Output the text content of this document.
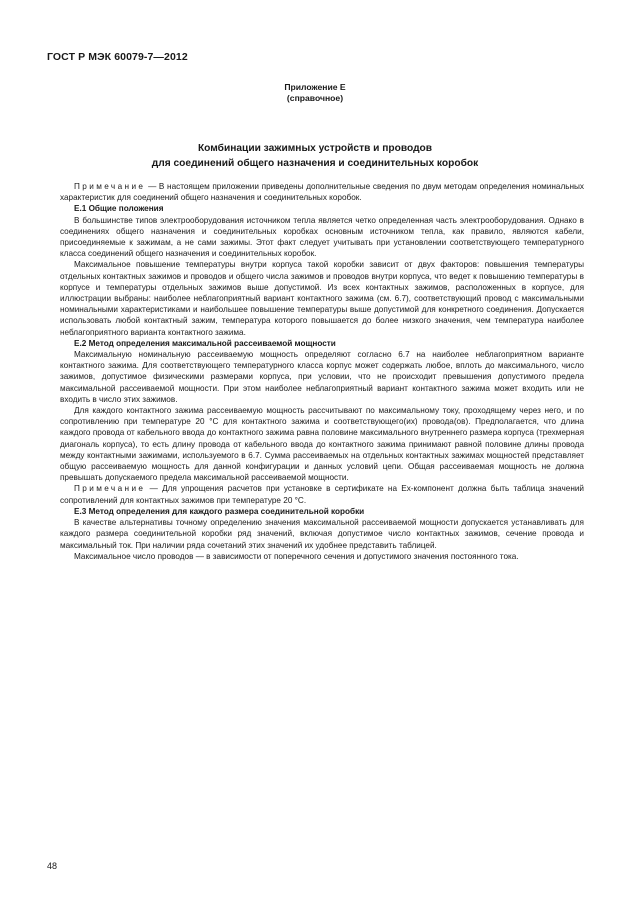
ГОСТ Р МЭК 60079-7—2012
Приложение Е
(справочное)
Комбинации зажимных устройств и проводов
для соединений общего назначения и соединительных коробок

Примечание — В настоящем приложении приведены дополнительные сведения по двум методам определения номинальных характеристик для соединений общего назначения и соединительных коробок.

Е.1 Общие положения

В большинстве типов электрооборудования источником тепла является четко определенная часть электрооборудования. Однако в соединениях общего назначения и соединительных коробках основным источником тепла, как правило, являются кабели, присоединяемые к зажимам, а не сами зажимы. Этот факт следует учитывать при установлении соответствующего температурного класса соединений общего назначения и соединительных коробок.

Максимальное повышение температуры внутри корпуса такой коробки зависит от двух факторов: повышения температуры отдельных контактных зажимов и проводов и общего числа зажимов и проводов внутри корпуса, что ведет к повышению температуры в корпусе и температуры отдельных зажимов выше допустимой. Из всех контактных зажимов, расположенных в корпусе, для иллюстрации выбраны: наиболее неблагоприятный вариант контактного зажима (см. 6.7), соответствующий провод с максимальными номинальными характеристиками и наибольшее повышение температуры выше допустимой для конкретного соединения. Допускается использовать любой контактный зажим, температура которого повышается до более низкого значения, чем температура наиболее неблагоприятного варианта контактного зажима.

Е.2 Метод определения максимальной рассеиваемой мощности

Максимальную номинальную рассеиваемую мощность определяют согласно 6.7 на наиболее неблагоприятном варианте контактного зажима. Для соответствующего температурного класса корпус может содержать любое, вплоть до максимального, число зажимов, допустимое физическими размерами корпуса, при условии, что не происходит превышения допустимого предела максимальной рассеиваемой мощности. При этом наиболее неблагоприятный вариант контактного зажима может входить или не входить в число этих зажимов.

Для каждого контактного зажима рассеиваемую мощность рассчитывают по максимальному току, проходящему через него, и по сопротивлению при температуре 20 °С для контактного зажима и соответствующего(их) провода(ов). Предполагается, что длина каждого провода от кабельного ввода до контактного зажима равна половине максимального внутреннего размера корпуса (трехмерная диагональ корпуса), то есть длину провода от кабельного ввода до контактного зажима принимают равной половине длины провода между контактными зажимами, используемого в 6.7. Сумма рассеиваемых на отдельных контактных зажимах мощностей представляет общую рассеиваемую мощность для данной конфигурации и данных условий цепи. Общая рассеиваемая мощность не должна превышать допускаемого предела максимальной рассеиваемой мощности.

Примечание — Для упрощения расчетов при установке в сертификате на Ех-компонент должна быть таблица значений сопротивлений для контактных зажимов при температуре 20 °С.

Е.3 Метод определения для каждого размера соединительной коробки

В качестве альтернативы точному определению значения максимальной рассеиваемой мощности допускается устанавливать для каждого размера соединительной коробки ряд значений, включая допустимое число контактных зажимов, сечение провода и максимальный ток. При наличии ряда сочетаний этих значений их удобнее представить таблицей.

Максимальное число проводов — в зависимости от поперечного сечения и допустимого значения постоянного тока.

48
